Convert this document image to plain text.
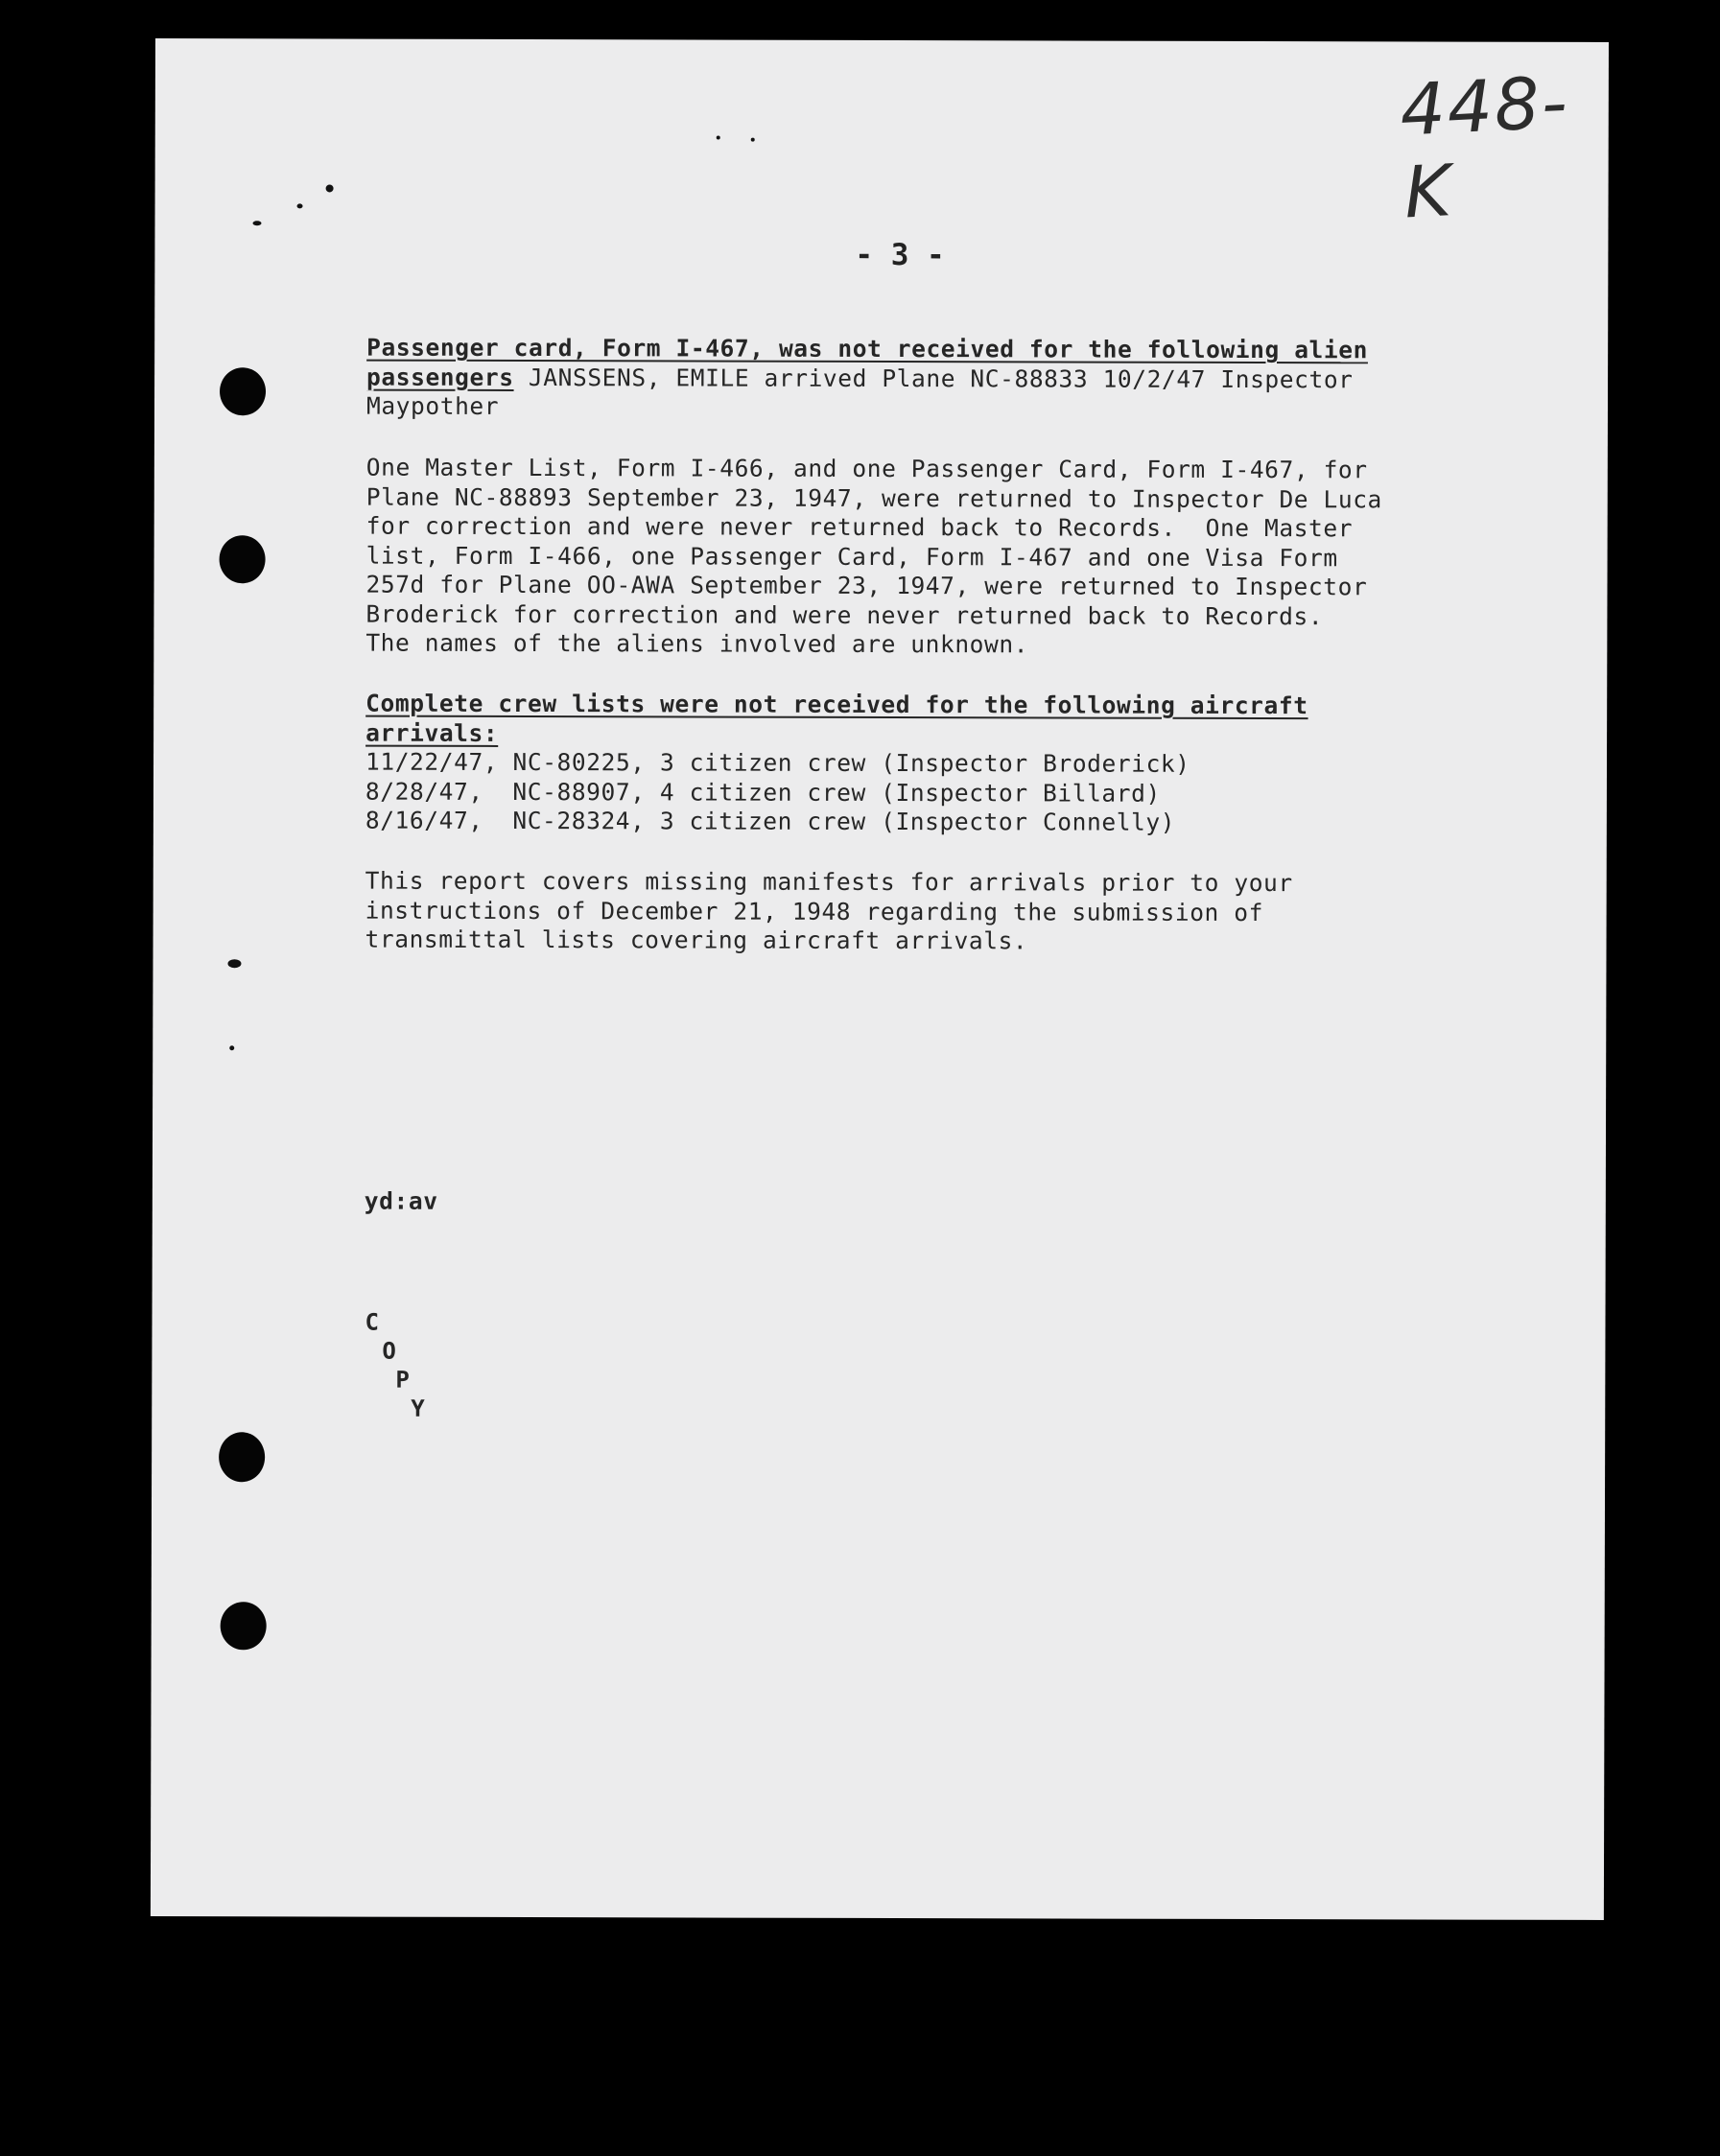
448-K
- 3 -
Passenger card, Form I-467, was not received for the following alien
passengers JANSSENS, EMILE arrived Plane NC-88833 10/2/47 Inspector
Maypother
One Master List, Form I-466, and one Passenger Card, Form I-467, for
Plane NC-88893 September 23, 1947, were returned to Inspector De Luca
for correction and were never returned back to Records.  One Master
list, Form I-466, one Passenger Card, Form I-467 and one Visa Form
257d for Plane OO-AWA September 23, 1947, were returned to Inspector
Broderick for correction and were never returned back to Records.
The names of the aliens involved are unknown.
Complete crew lists were not received for the following aircraft
arrivals:
11/22/47, NC-80225, 3 citizen crew (Inspector Broderick)
8/28/47,  NC-88907, 4 citizen crew (Inspector Billard)
8/16/47,  NC-28324, 3 citizen crew (Inspector Connelly)
This report covers missing manifests for arrivals prior to your
instructions of December 21, 1948 regarding the submission of
transmittal lists covering aircraft arrivals.
yd:av
C
O
P
Y
